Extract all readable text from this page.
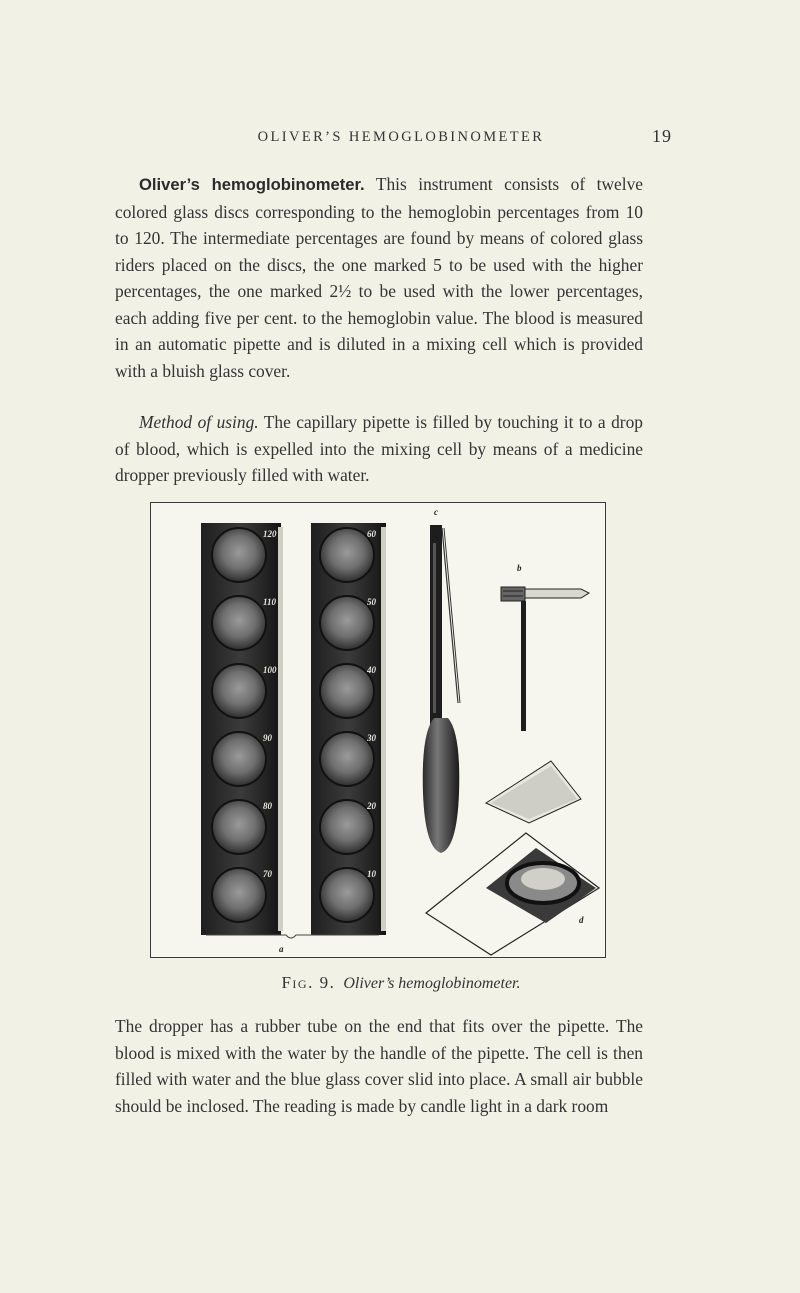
OLIVER’S HEMOGLOBINOMETER	19

Oliver’s hemoglobinometer. This instrument consists of twelve colored glass discs corresponding to the hemoglobin percentages from 10 to 120. The intermediate percentages are found by means of colored glass riders placed on the discs, the one marked 5 to be used with the higher percentages, the one marked 2½ to be used with the lower percentages, each adding five per cent. to the hemoglobin value. The blood is measured in an automatic pipette and is diluted in a mixing cell which is provided with a bluish glass cover.

Method of using. The capillary pipette is filled by touching it to a drop of blood, which is expelled into the mixing cell by means of a medicine dropper previously filled with water.

120
110
100
90
80
70
60
50
40
30
20
10
a
c
b
d
Fig. 9. Oliver’s hemoglobinometer.

The dropper has a rubber tube on the end that fits over the pipette. The blood is mixed with the water by the handle of the pipette. The cell is then filled with water and the blue glass cover slid into place. A small air bubble should be inclosed. The reading is made by candle light in a dark room
